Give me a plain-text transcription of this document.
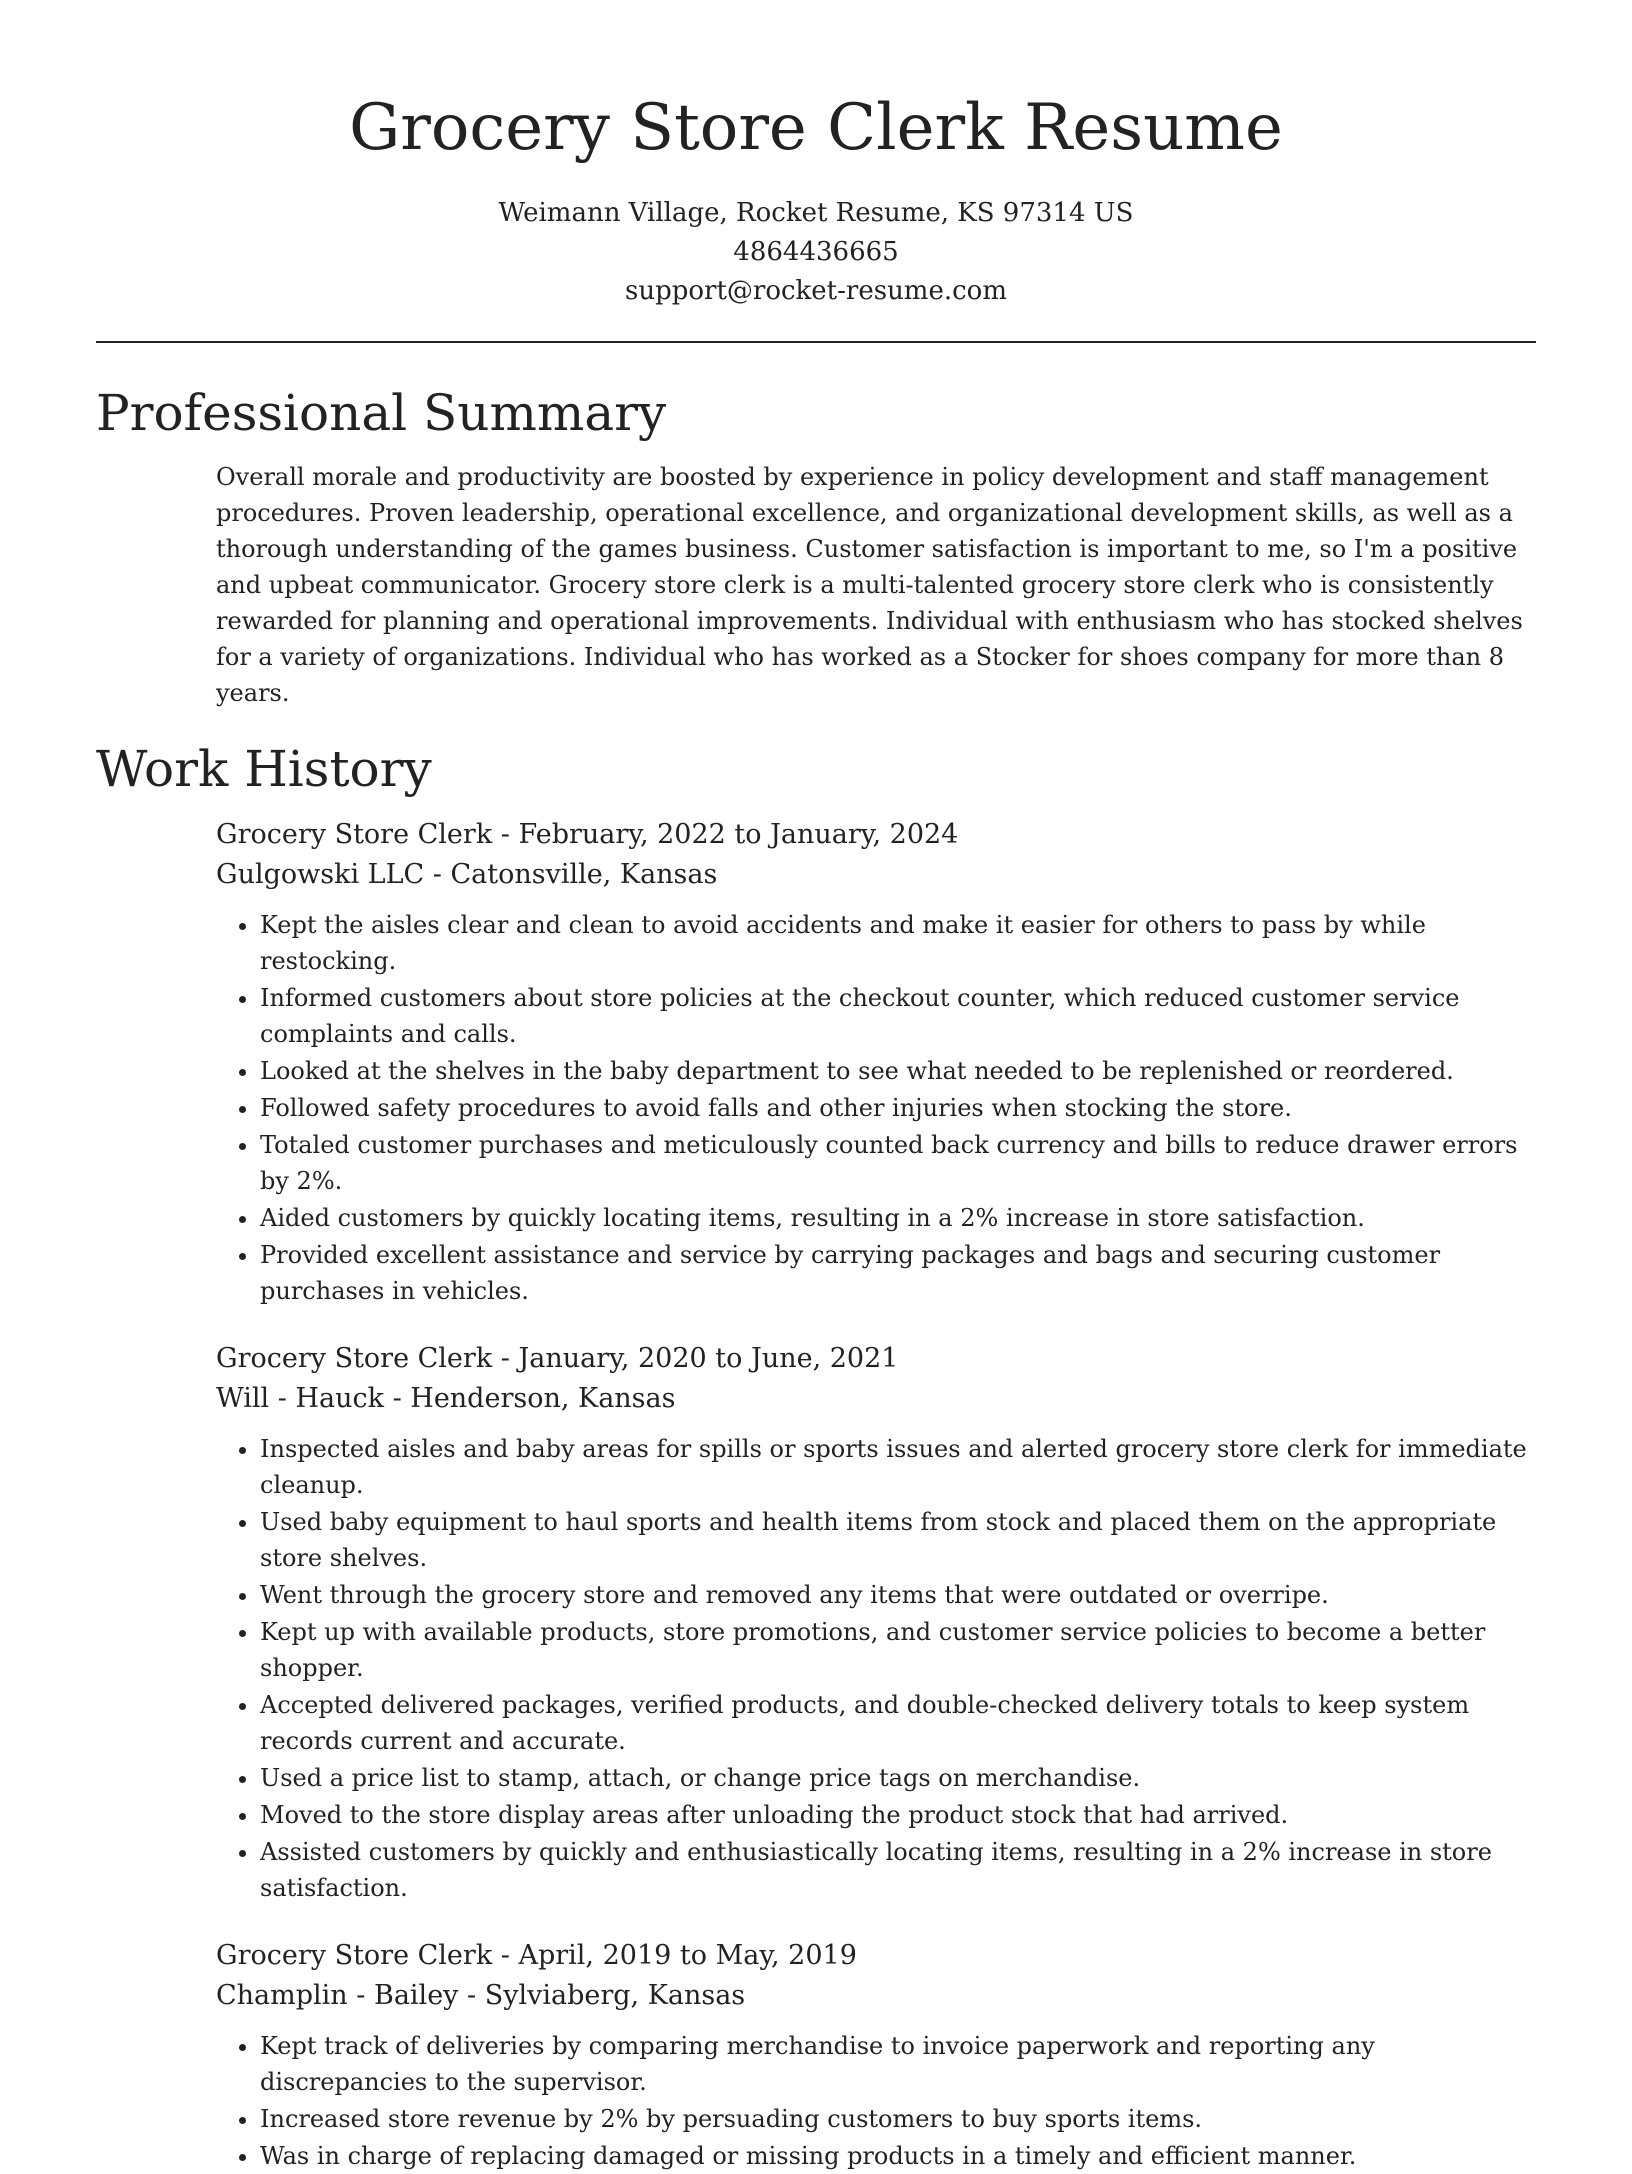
Grocery Store Clerk Resume
Weimann Village, Rocket Resume, KS 97314 US
4864436665
support@rocket-resume.com
Professional Summary

Overall morale and productivity are boosted by experience in policy development and staff management procedures. Proven leadership, operational excellence, and organizational development skills, as well as a thorough understanding of the games business. Customer satisfaction is important to me, so I'm a positive and upbeat communicator. Grocery store clerk is a multi-talented grocery store clerk who is consistently rewarded for planning and operational improvements. Individual with enthusiasm who has stocked shelves for a variety of organizations. Individual who has worked as a Stocker for shoes company for more than 8 years.

Work History
Grocery Store Clerk - February, 2022 to January, 2024
Gulgowski LLC - Catonsville, Kansas
• Kept the aisles clear and clean to avoid accidents and make it easier for others to pass by while restocking.
• Informed customers about store policies at the checkout counter, which reduced customer service complaints and calls.
• Looked at the shelves in the baby department to see what needed to be replenished or reordered.
• Followed safety procedures to avoid falls and other injuries when stocking the store.
• Totaled customer purchases and meticulously counted back currency and bills to reduce drawer errors by 2%.
• Aided customers by quickly locating items, resulting in a 2% increase in store satisfaction.
• Provided excellent assistance and service by carrying packages and bags and securing customer purchases in vehicles.
Grocery Store Clerk - January, 2020 to June, 2021
Will - Hauck - Henderson, Kansas
• Inspected aisles and baby areas for spills or sports issues and alerted grocery store clerk for immediate cleanup.
• Used baby equipment to haul sports and health items from stock and placed them on the appropriate store shelves.
• Went through the grocery store and removed any items that were outdated or overripe.
• Kept up with available products, store promotions, and customer service policies to become a better shopper.
• Accepted delivered packages, verified products, and double-checked delivery totals to keep system records current and accurate.
• Used a price list to stamp, attach, or change price tags on merchandise.
• Moved to the store display areas after unloading the product stock that had arrived.
• Assisted customers by quickly and enthusiastically locating items, resulting in a 2% increase in store satisfaction.
Grocery Store Clerk - April, 2019 to May, 2019
Champlin - Bailey - Sylviaberg, Kansas
• Kept track of deliveries by comparing merchandise to invoice paperwork and reporting any discrepancies to the supervisor.
• Increased store revenue by 2% by persuading customers to buy sports items.
• Was in charge of replacing damaged or missing products in a timely and efficient manner.
